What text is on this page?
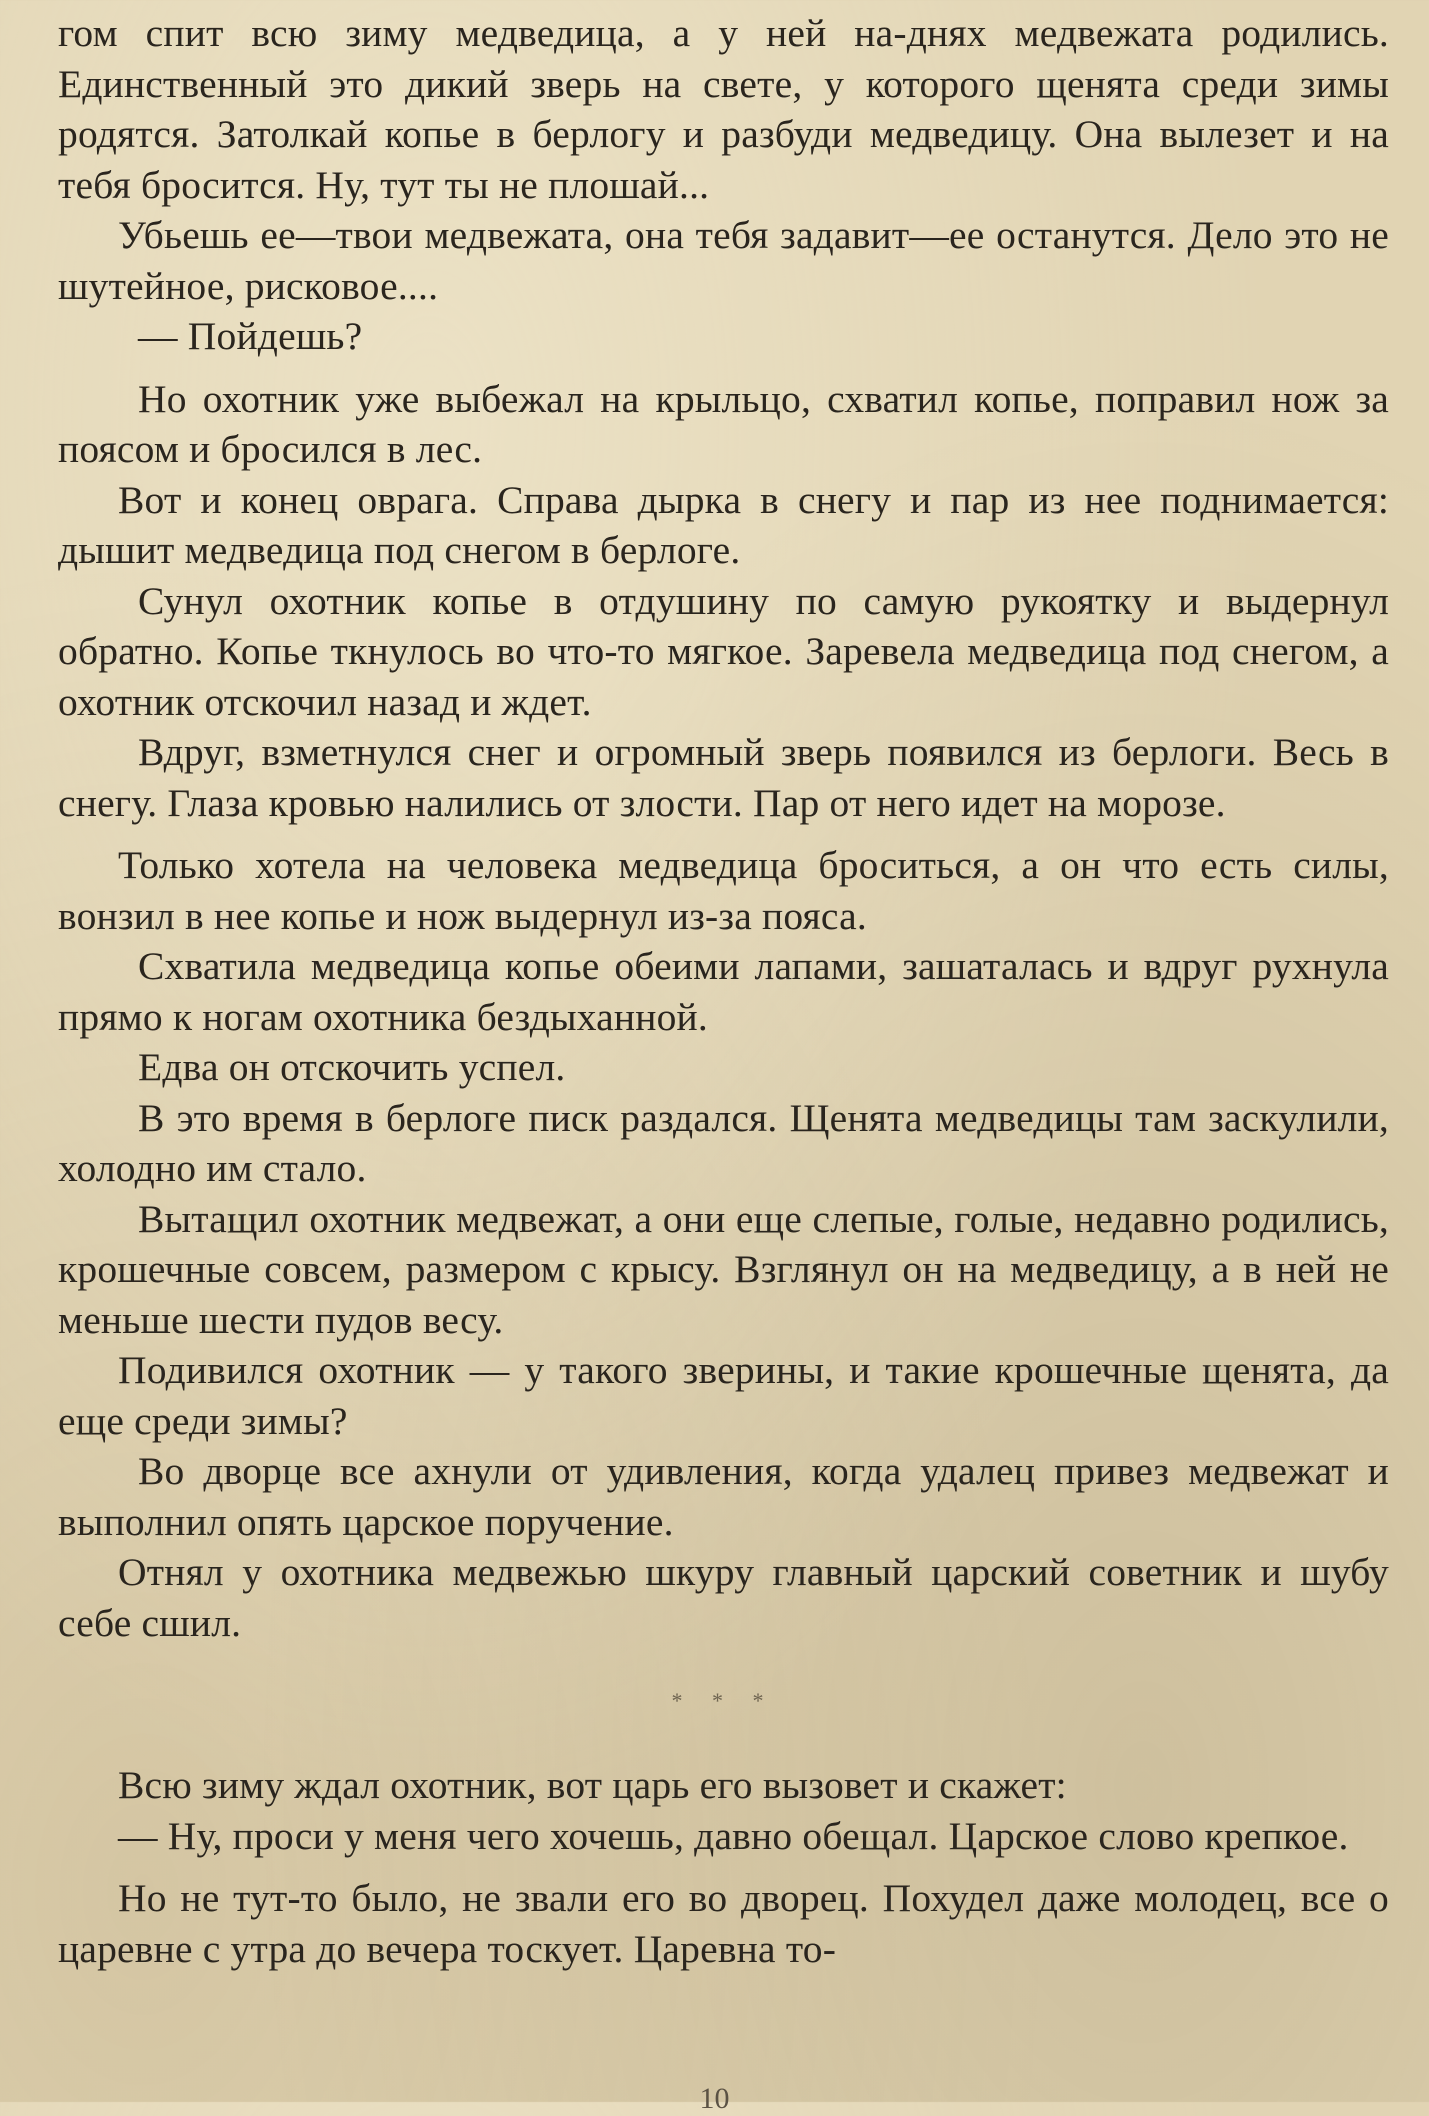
гом спит всю зиму медведица, а у ней на-днях медвежата родились. Единственный это дикий зверь на свете, у которого щенята среди зимы родятся. Затолкай копье в берлогу и разбуди медведицу. Она вылезет и на тебя бросится. Ну, тут ты не плошай...

Убьешь ее—твои медвежата, она тебя задавит—ее останутся. Дело это не шутейное, рисковое....

— Пойдешь?

Но охотник уже выбежал на крыльцо, схватил копье, поправил нож за поясом и бросился в лес.

Вот и конец оврага. Справа дырка в снегу и пар из нее поднимается: дышит медведица под снегом в берлоге.

Сунул охотник копье в отдушину по самую рукоятку и выдернул обратно. Копье ткнулось во что-то мягкое. Заревела медведица под снегом, а охотник отскочил назад и ждет.

Вдруг, взметнулся снег и огромный зверь появился из берлоги. Весь в снегу. Глаза кровью налились от злости. Пар от него идет на морозе.

Только хотела на человека медведица броситься, а он что есть силы, вонзил в нее копье и нож выдернул из-за пояса.

Схватила медведица копье обеими лапами, зашаталась и вдруг рухнула прямо к ногам охотника бездыханной.

Едва он отскочить успел.

В это время в берлоге писк раздался. Щенята медведицы там заскулили, холодно им стало.

Вытащил охотник медвежат, а они еще слепые, голые, недавно родились, крошечные совсем, размером с крысу. Взглянул он на медведицу, а в ней не меньше шести пудов весу.

Подивился охотник — у такого зверины, и такие крошечные щенята, да еще среди зимы?

Во дворце все ахнули от удивления, когда удалец привез медвежат и выполнил опять царское поручение.

Отнял у охотника медвежью шкуру главный царский советник и шубу себе сшил.

* * *

Всю зиму ждал охотник, вот царь его вызовет и скажет:

— Ну, проси у меня чего хочешь, давно обещал. Царское слово крепкое.

Но не тут-то было, не звали его во дворец. Похудел даже молодец, все о царевне с утра до вечера тоскует. Царевна то-

10
